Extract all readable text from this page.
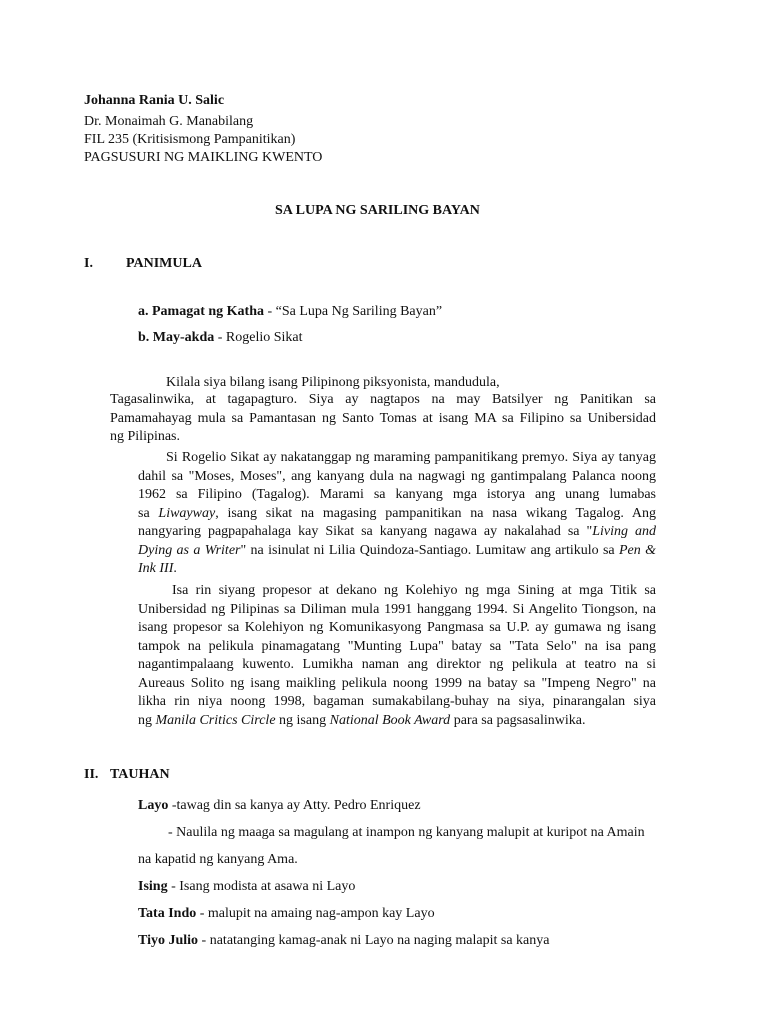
Johanna Rania U. Salic
Dr. Monaimah G. Manabilang
FIL 235 (Kritisismong Pampanitikan)
PAGSUSURI NG MAIKLING KWENTO
SA LUPA NG SARILING BAYAN
I. PANIMULA
a. Pamagat ng Katha - “Sa Lupa Ng Sariling Bayan”
b. May-akda - Rogelio Sikat
Kilala siya bilang isang Pilipinong piksyonista, mandudula,
Tagasalinwika, at tagapagturo. Siya ay nagtapos na may Batsilyer ng Panitikan sa
Pamamahayag mula sa Pamantasan ng Santo Tomas at isang MA sa Filipino sa Unibersidad
ng Pilipinas.
Si Rogelio Sikat ay nakatanggap ng maraming pampanitikang premyo. Siya ay tanyag
dahil sa "Moses, Moses", ang kanyang dula na nagwagi ng gantimpalang Palanca noong
1962 sa Filipino (Tagalog). Marami sa kanyang mga istorya ang unang lumabas
sa Liwayway, isang sikat na magasing pampanitikan na nasa wikang Tagalog. Ang
nangyaring pagpapahalaga kay Sikat sa kanyang nagawa ay nakalahad sa "Living and
Dying as a Writer" na isinulat ni Lilia Quindoza-Santiago. Lumitaw ang artikulo sa Pen &
Ink III.
Isa rin siyang propesor at dekano ng Kolehiyo ng mga Sining at mga Titik sa
Unibersidad ng Pilipinas sa Diliman mula 1991 hanggang 1994. Si Angelito Tiongson, na
isang propesor sa Kolehiyon ng Komunikasyong Pangmasa sa U.P. ay gumawa ng isang
tampok na pelikula pinamagatang "Munting Lupa" batay sa "Tata Selo" na isa pang
nagantimpalaang kuwento. Lumikha naman ang direktor ng pelikula at teatro na si
Aureaus Solito ng isang maikling pelikula noong 1999 na batay sa "Impeng Negro" na
likha rin niya noong 1998, bagaman sumakabilang-buhay na siya, pinarangalan siya
ng Manila Critics Circle ng isang National Book Award para sa pagsasalinwika.
II. TAUHAN
Layo -tawag din sa kanya ay Atty. Pedro Enriquez
- Naulila ng maaga sa magulang at inampon ng kanyang malupit at kuripot na Amain
na kapatid ng kanyang Ama.
Ising - Isang modista at asawa ni Layo
Tata Indo - malupit na amaing nag-ampon kay Layo
Tiyo Julio - natatanging kamag-anak ni Layo na naging malapit sa kanya
